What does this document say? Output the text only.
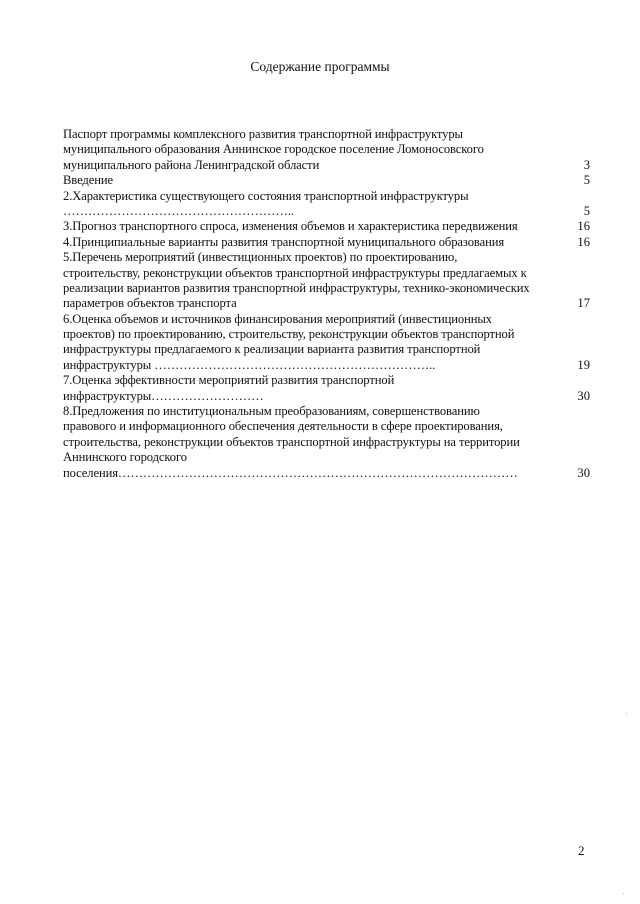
Содержание программы
Паспорт программы комплексного развития транспортной инфраструктуры
муниципального образования Аннинское городское поселение Ломоносовского
муниципального района Ленинградской области	3
Введение	5
2.Характеристика существующего состояния транспортной инфраструктуры
………………………………………………..	5
3.Прогноз транспортного спроса, изменения объемов и характеристика передвижения	16
4.Принципиальные варианты развития транспортной муниципального образования	16
5.Перечень мероприятий (инвестиционных проектов) по проектированию,
строительству, реконструкции объектов транспортной инфраструктуры предлагаемых к
реализации вариантов развития транспортной инфраструктуры, технико-экономических
параметров объектов транспорта	17
6.Оценка объемов и источников финансирования мероприятий (инвестиционных
проектов) по проектированию, строительству, реконструкции объектов транспортной
инфраструктуры предлагаемого к реализации варианта развития транспортной
инфраструктуры …………………………………………………………..	19
7.Оценка эффективности мероприятий развития транспортной
инфраструктуры………………………	30
8.Предложения по институциональным преобразованиям, совершенствованию
правового и информационного обеспечения деятельности в сфере проектирования,
строительства, реконструкции объектов транспортной инфраструктуры на территории
Аннинского городского
поселения……………………………………………………………………………………	30
2
